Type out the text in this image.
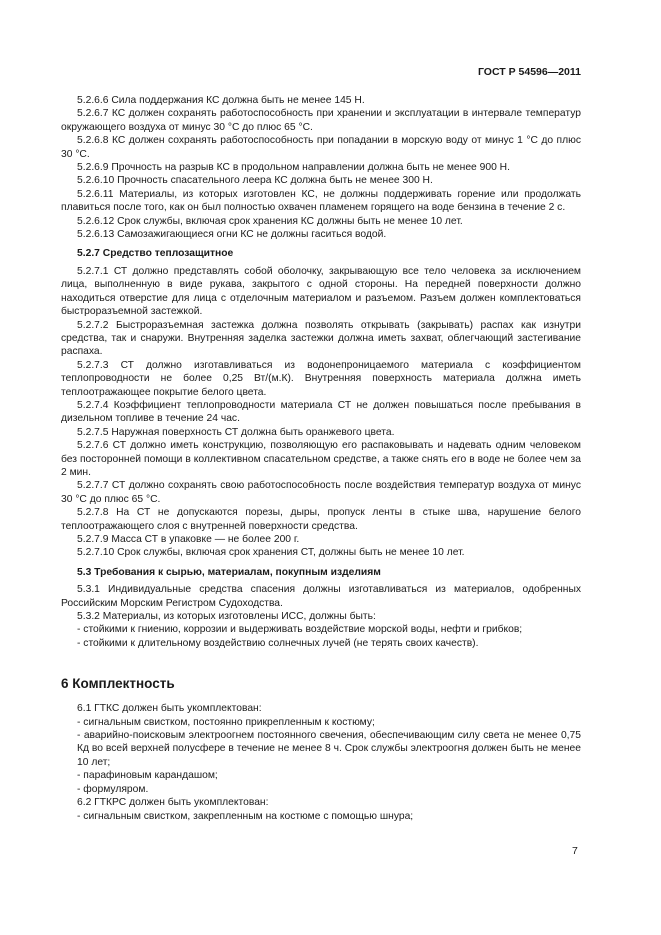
ГОСТ Р 54596—2011

5.2.6.6 Сила поддержания КС должна быть не менее 145 Н.

5.2.6.7 КС должен сохранять работоспособность при хранении и эксплуатации в интервале температур окружающего воздуха от минус 30 °С до плюс 65 °С.

5.2.6.8 КС должен сохранять работоспособность при попадании в морскую воду от минус 1 °С до плюс 30 °С.

5.2.6.9 Прочность на разрыв КС в продольном направлении должна быть не менее 900 Н.

5.2.6.10 Прочность спасательного леера КС должна быть не менее 300 Н.

5.2.6.11 Материалы, из которых изготовлен КС, не должны поддерживать горение или продолжать плавиться после того, как он был полностью охвачен пламенем горящего на воде бензина в течение 2 с.

5.2.6.12 Срок службы, включая срок хранения КС должны быть не менее 10 лет.

5.2.6.13 Самозажигающиеся огни КС не должны гаситься водой.

5.2.7 Средство теплозащитное

5.2.7.1 СТ должно представлять собой оболочку, закрывающую все тело человека за исключением лица, выполненную в виде рукава, закрытого с одной стороны. На передней поверхности должно находиться отверстие для лица с отделочным материалом и разъемом. Разъем должен комплектоваться быстроразъемной застежкой.

5.2.7.2 Быстроразъемная застежка должна позволять открывать (закрывать) распах как изнутри средства, так и снаружи. Внутренняя заделка застежки должна иметь захват, облегчающий застегивание распаха.

5.2.7.3 СТ должно изготавливаться из водонепроницаемого материала с коэффициентом теплопроводности не более 0,25 Вт/(м.К). Внутренняя поверхность материала должна иметь теплоотражающее покрытие белого цвета.

5.2.7.4 Коэффициент теплопроводности материала СТ не должен повышаться после пребывания в дизельном топливе в течение 24 час.

5.2.7.5 Наружная поверхность СТ должна быть оранжевого цвета.

5.2.7.6 СТ должно иметь конструкцию, позволяющую его распаковывать и надевать одним человеком без посторонней помощи в коллективном спасательном средстве, а также снять его в воде не более чем за 2 мин.

5.2.7.7 СТ должно сохранять свою работоспособность после воздействия температур воздуха от минус 30 °С до плюс 65 °С.

5.2.7.8 На СТ не допускаются порезы, дыры, пропуск ленты в стыке шва, нарушение белого теплоотражающего слоя с внутренней поверхности средства.

5.2.7.9 Масса СТ в упаковке — не более 200 г.

5.2.7.10 Срок службы, включая срок хранения СТ, должны быть не менее 10 лет.

5.3 Требования к сырью, материалам, покупным изделиям

5.3.1 Индивидуальные средства спасения должны изготавливаться из материалов, одобренных Российским Морским Регистром Судоходства.

5.3.2 Материалы, из которых изготовлены ИСС, должны быть:

- стойкими к гниению, коррозии и выдерживать воздействие морской воды, нефти и грибков;

- стойкими к длительному воздействию солнечных лучей (не терять своих качеств).

6 Комплектность

6.1 ГТКС должен быть укомплектован:

- сигнальным свистком, постоянно прикрепленным к костюму;

- аварийно-поисковым электроогнем постоянного свечения, обеспечивающим силу света не менее 0,75 Кд во всей верхней полусфере в течение не менее 8 ч. Срок службы электроогня должен быть не менее 10 лет;

- парафиновым карандашом;

- формуляром.

6.2 ГТКРС должен быть укомплектован:

- сигнальным свистком, закрепленным на костюме с помощью шнура;

7
